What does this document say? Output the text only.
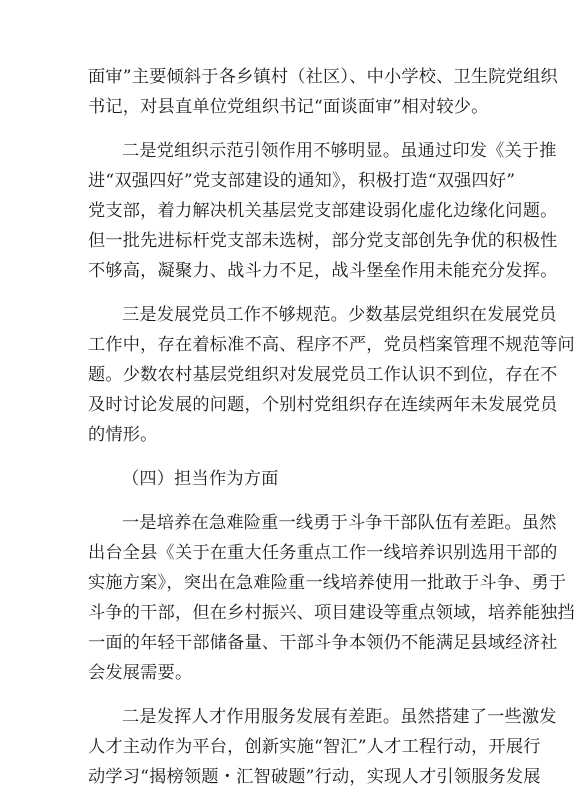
面审”主要倾斜于各乡镇村（社区）、中小学校、卫生院党组织
书记，对县直单位党组织书记“面谈面审”相对较少。
二是党组织示范引领作用不够明显。虽通过印发《关于推
进“双强四好”党支部建设的通知》，积极打造“双强四好”
党支部，着力解决机关基层党支部建设弱化虚化边缘化问题。
但一批先进标杆党支部未选树，部分党支部创先争优的积极性
不够高，凝聚力、战斗力不足，战斗堡垒作用未能充分发挥。
三是发展党员工作不够规范。少数基层党组织在发展党员
工作中，存在着标准不高、程序不严，党员档案管理不规范等问
题。少数农村基层党组织对发展党员工作认识不到位，存在不
及时讨论发展的问题，个别村党组织存在连续两年未发展党员
的情形。
（四）担当作为方面
一是培养在急难险重一线勇于斗争干部队伍有差距。虽然
出台全县《关于在重大任务重点工作一线培养识别选用干部的
实施方案》，突出在急难险重一线培养使用一批敢于斗争、勇于
斗争的干部，但在乡村振兴、项目建设等重点领域，培养能独挡
一面的年轻干部储备量、干部斗争本领仍不能满足县域经济社
会发展需要。
二是发挥人才作用服务发展有差距。虽然搭建了一些激发
人才主动作为平台，创新实施“智汇”人才工程行动，开展行
动学习“揭榜领题・汇智破题”行动，实现人才引领服务发展
